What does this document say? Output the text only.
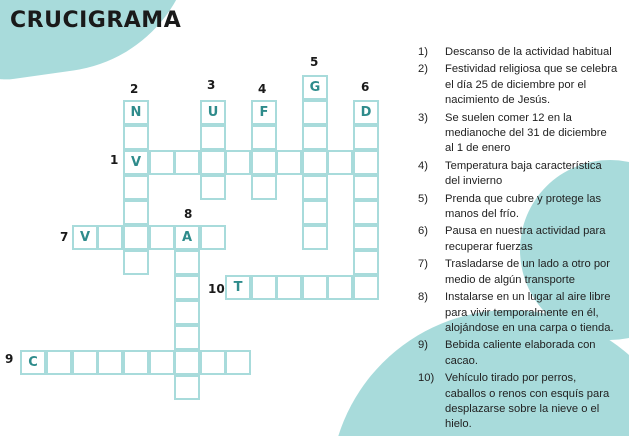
CRUCIGRAMA
2	3	4
5
6
1
8
7
10
9
N
V
U	F
G
D
V	A
T
C
1)	Descanso de la actividad habitual
2)	Festividad religiosa que se celebra el día 25 de diciembre por el nacimiento de Jesús.
3)	Se suelen comer 12 en la medianoche del 31 de diciembre al 1 de enero
4)	Temperatura baja característica del invierno
5)	Prenda que cubre y protege las manos del frío.
6)	Pausa en nuestra actividad para recuperar fuerzas
7)	Trasladarse de un lado a otro por medio de algún transporte
8)	Instalarse en un lugar al aire libre para vivir temporalmente en él, alojándose en una carpa o tienda.
9)	Bebida caliente elaborada con cacao.
10) Vehículo tirado por perros, caballos o renos con esquís para desplazarse sobre la nieve o el hielo.
